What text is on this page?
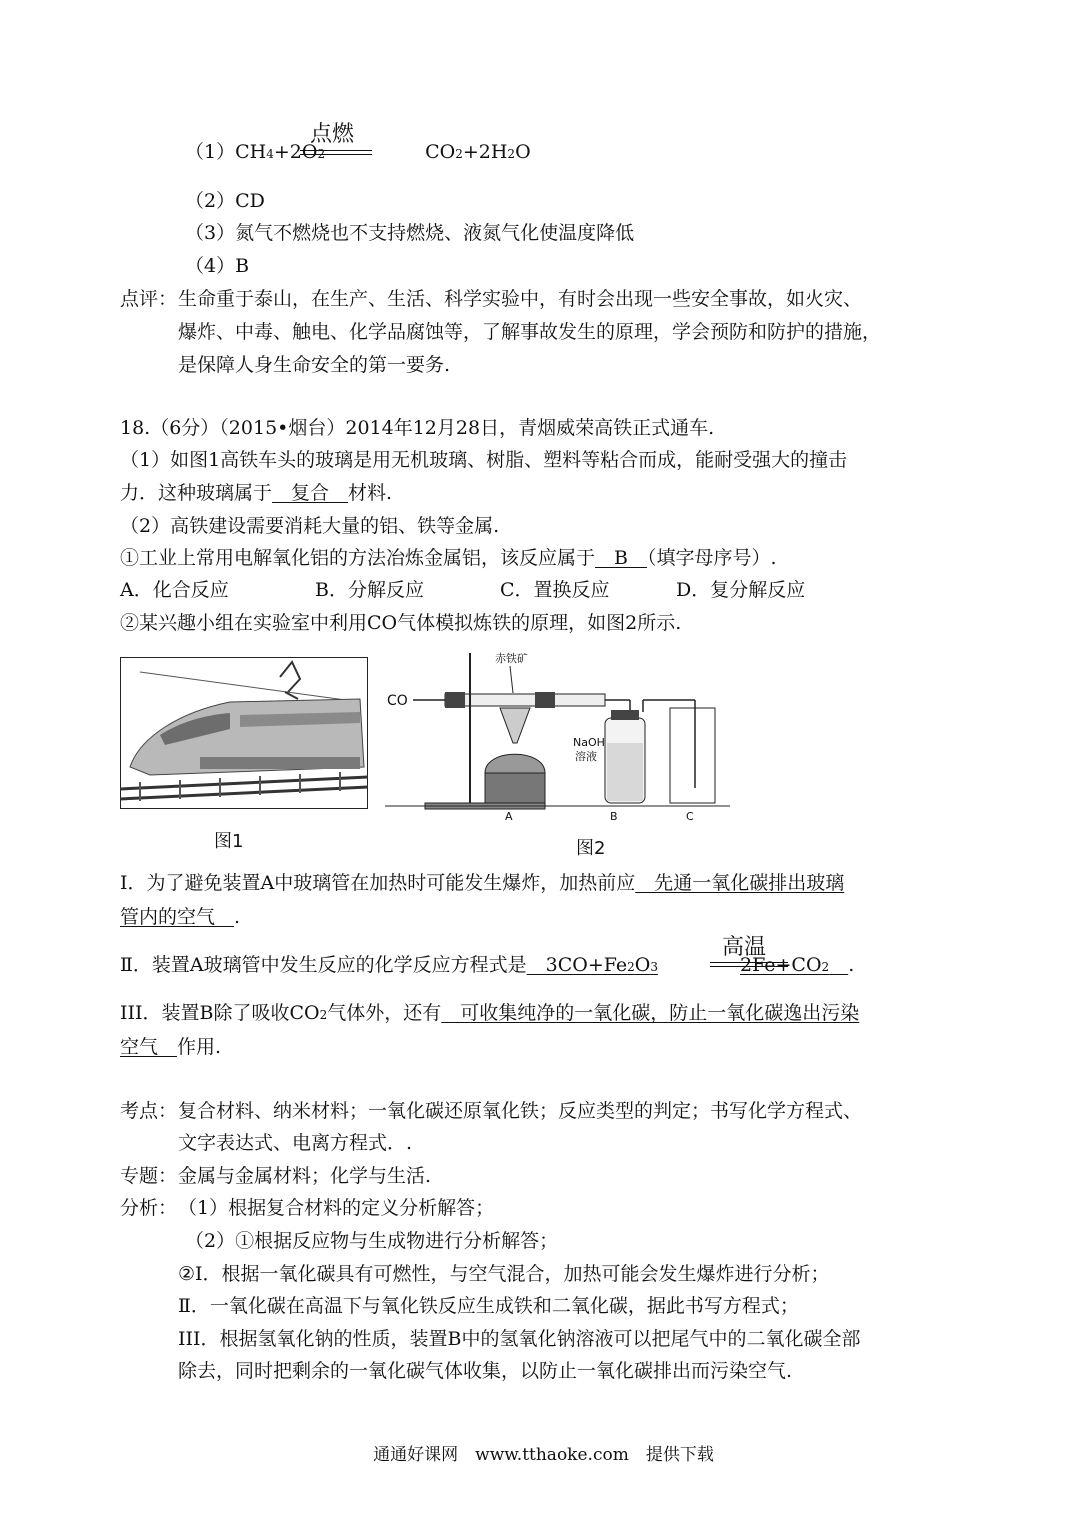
（1）CH4+2O2	CO2+2H2O
点燃
（2）CD
（3）氮气不燃烧也不支持燃烧、液氮气化使温度降低
（4）B
点评： 生命重于泰山，在生产、生活、科学实验中，有时会出现一些安全事故，如火灾、
爆炸、中毒、触电、化学品腐蚀等，了解事故发生的原理，学会预防和防护的措施，
是保障人身生命安全的第一要务.
18.（6分）（2015•烟台）2014年12月28日，青烟威荣高铁正式通车.
（1）如图1高铁车头的玻璃是用无机玻璃、树脂、塑料等粘合而成，能耐受强大的撞击
力．这种玻璃属于　复合　材料.
（2）高铁建设需要消耗大量的铝、铁等金属.
①工业上常用电解氧化铝的方法冶炼金属铝，该反应属于　B　（填字母序号）.
A．化合反应	B．分解反应	C．置换反应	D．复分解反应
②某兴趣小组在实验室中利用CO气体模拟炼铁的原理，如图2所示.
图1
CO
赤铁矿
NaOH
溶液
A	B	C
图2
Ⅰ．为了避免装置A中玻璃管在加热时可能发生爆炸，加热前应　先通一氧化碳排出玻璃
管内的空气　.
Ⅱ．装置A玻璃管中发生反应的化学反应方程式是　3CO+Fe2O3	2Fe+CO2　 .
高温
III．装置B除了吸收CO2气体外，还有　可收集纯净的一氧化碳，防止一氧化碳逸出污染
空气　作用.
考点： 复合材料、纳米材料；一氧化碳还原氧化铁；反应类型的判定；书写化学方程式、
文字表达式、电离方程式．.
专题： 金属与金属材料；化学与生活.
分析： （1）根据复合材料的定义分析解答；
（2）①根据反应物与生成物进行分析解答；
②Ⅰ．根据一氧化碳具有可燃性，与空气混合，加热可能会发生爆炸进行分析；
Ⅱ．一氧化碳在高温下与氧化铁反应生成铁和二氧化碳，据此书写方程式；
III．根据氢氧化钠的性质，装置B中的氢氧化钠溶液可以把尾气中的二氧化碳全部
除去，同时把剩余的一氧化碳气体收集，以防止一氧化碳排出而污染空气.
通通好课网　www.tthaoke.com　提供下载
